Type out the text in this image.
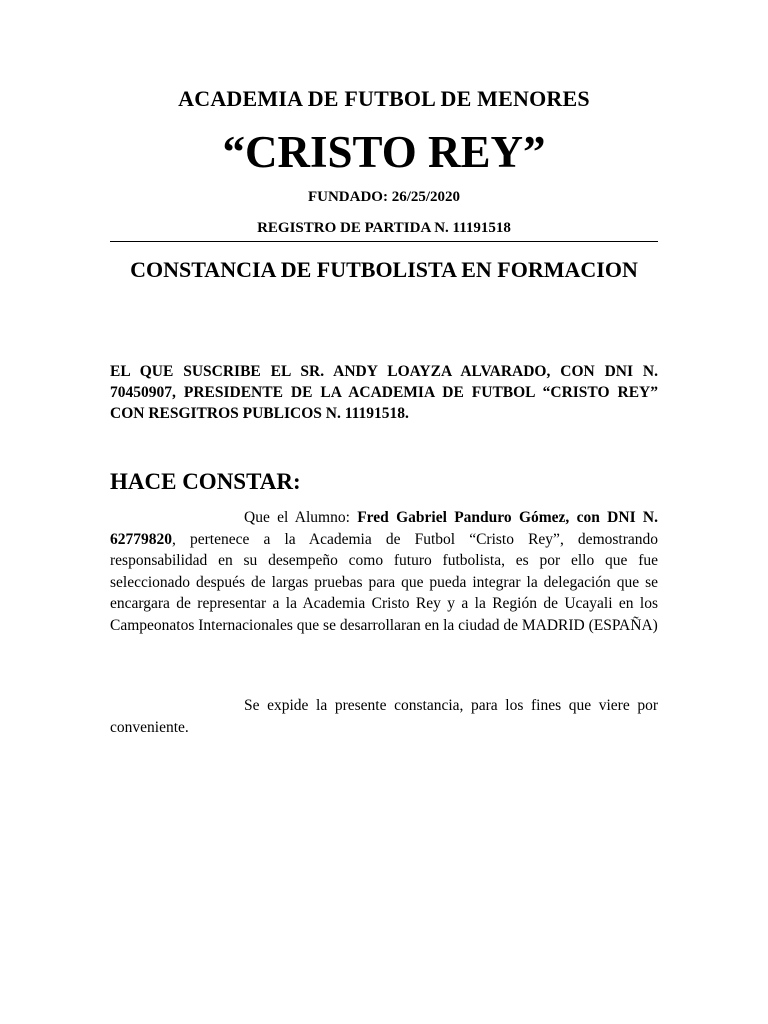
ACADEMIA DE FUTBOL DE MENORES
“CRISTO REY”
FUNDADO: 26/25/2020
REGISTRO DE PARTIDA N. 11191518
CONSTANCIA DE FUTBOLISTA EN FORMACION
EL QUE SUSCRIBE EL SR. ANDY LOAYZA ALVARADO, CON DNI N. 70450907, PRESIDENTE DE LA ACADEMIA DE FUTBOL “CRISTO REY” CON RESGITROS PUBLICOS N. 11191518.
HACE CONSTAR:
Que el Alumno: Fred Gabriel Panduro Gómez, con DNI N. 62779820, pertenece a la Academia de Futbol “Cristo Rey”, demostrando responsabilidad en su desempeño como futuro futbolista, es por ello que fue seleccionado después de largas pruebas para que pueda integrar la delegación que se encargara de representar a la Academia Cristo Rey y a la Región de Ucayali en los Campeonatos Internacionales que se desarrollaran en la ciudad de MADRID (ESPAÑA)
Se expide la presente constancia, para los fines que viere por conveniente.
